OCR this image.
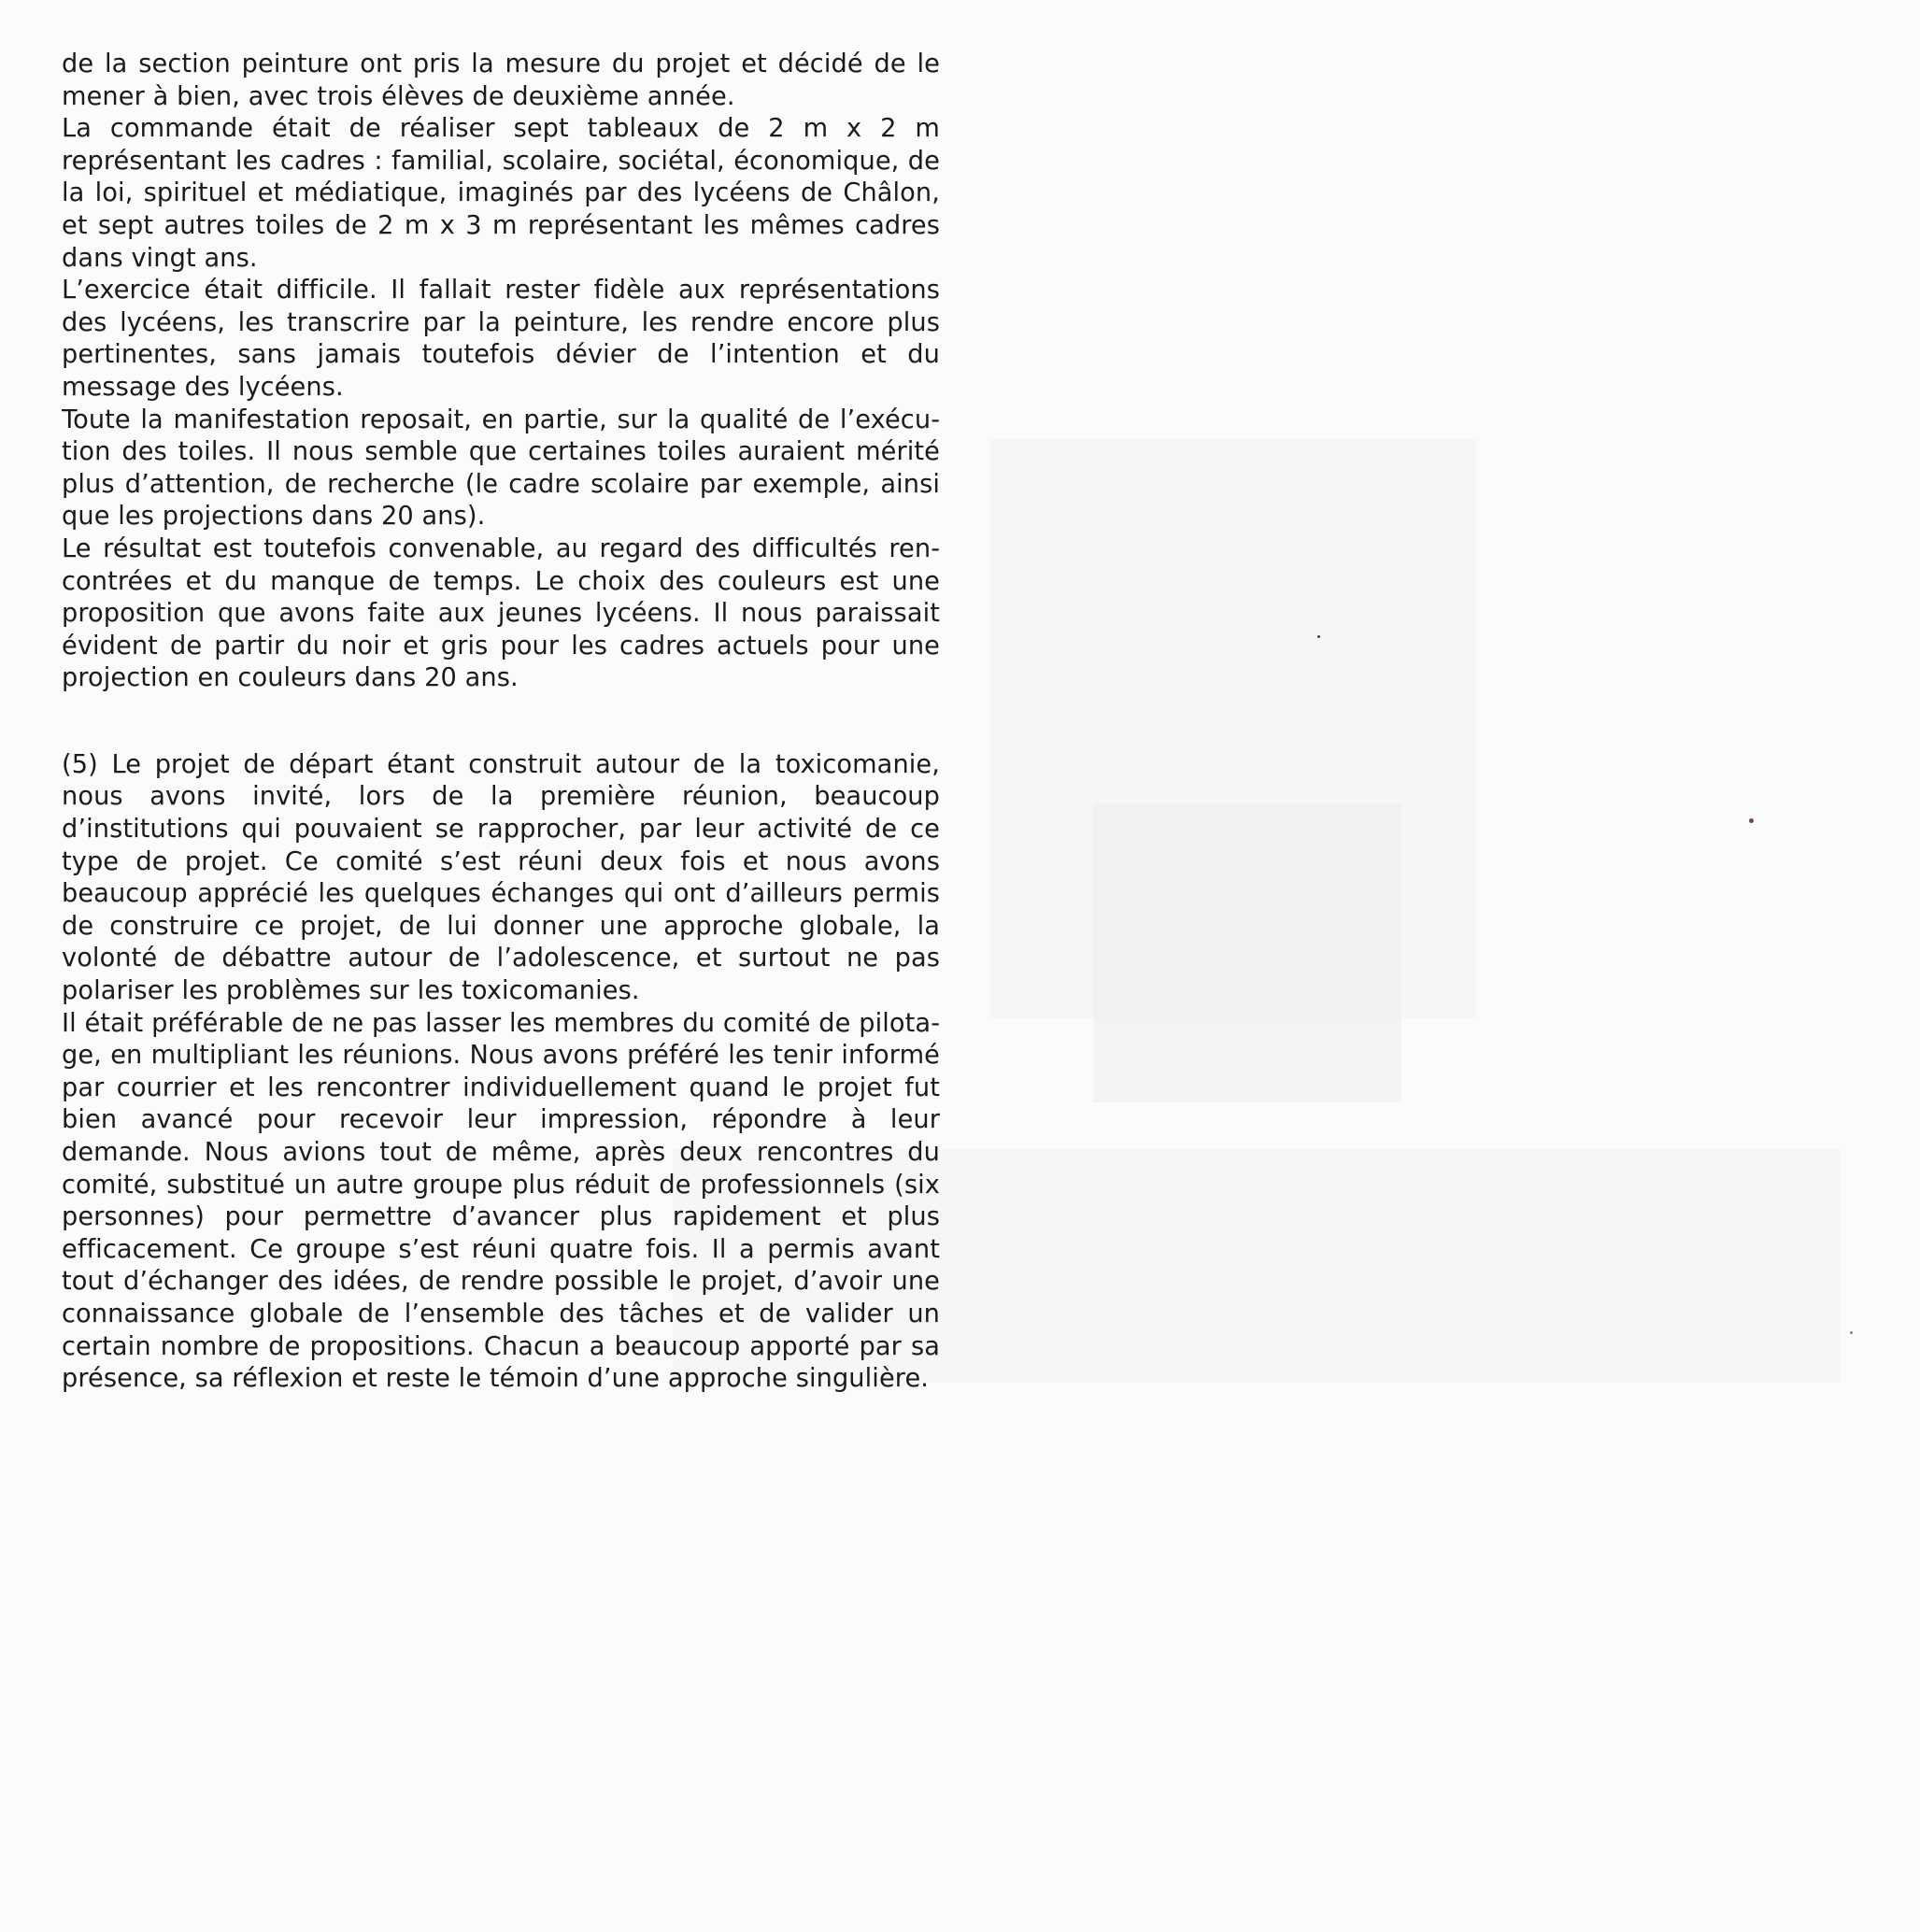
de la section peinture ont pris la mesure du projet et décidé de le mener à bien, avec trois élèves de deuxième année.

La commande était de réaliser sept tableaux de 2 m x 2 m représentant les cadres : familial, scolaire, sociétal, économique, de la loi, spirituel et médiatique, imaginés par des lycéens de Châlon, et sept autres toiles de 2 m x 3 m représentant les mêmes cadres dans vingt ans.

L’exercice était difficile. Il fallait rester fidèle aux représentations des lycéens, les transcrire par la peinture, les rendre encore plus pertinentes, sans jamais toutefois dévier de l’intention et du message des lycéens.

Toute la manifestation reposait, en partie, sur la qualité de l’exécution des toiles. Il nous semble que certaines toiles auraient mérité plus d’attention, de recherche (le cadre scolaire par exemple, ainsi que les projections dans 20 ans).

Le résultat est toutefois convenable, au regard des difficultés rencontrées et du manque de temps. Le choix des couleurs est une proposition que avons faite aux jeunes lycéens. Il nous paraissait évident de partir du noir et gris pour les cadres actuels pour une projection en couleurs dans 20 ans.

(5) Le projet de départ étant construit autour de la toxicomanie, nous avons invité, lors de la première réunion, beaucoup d’institutions qui pouvaient se rapprocher, par leur activité de ce type de projet. Ce comité s’est réuni deux fois et nous avons beaucoup apprécié les quelques échanges qui ont d’ailleurs permis de construire ce projet, de lui donner une approche globale, la volonté de débattre autour de l’adolescence, et surtout ne pas polariser les problèmes sur les toxicomanies.

Il était préférable de ne pas lasser les membres du comité de pilotage, en multipliant les réunions. Nous avons préféré les tenir informé par courrier et les rencontrer individuellement quand le projet fut bien avancé pour recevoir leur impression, répondre à leur demande. Nous avions tout de même, après deux rencontres du comité, substitué un autre groupe plus réduit de professionnels (six personnes) pour permettre d’avancer plus rapidement et plus efficacement. Ce groupe s’est réuni quatre fois. Il a permis avant tout d’échanger des idées, de rendre possible le projet, d’avoir une connaissance globale de l’ensemble des tâches et de valider un certain nombre de propositions. Chacun a beaucoup apporté par sa présence, sa réflexion et reste le témoin d’une approche singulière.
